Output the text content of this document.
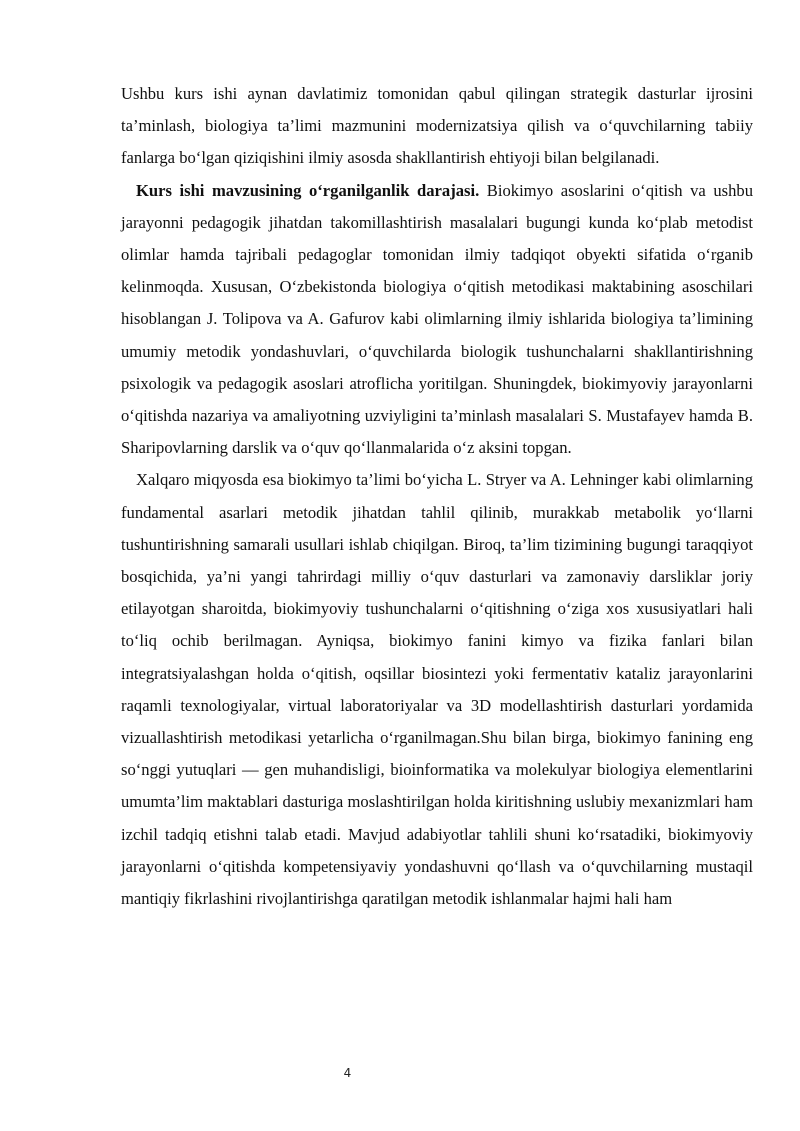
Ushbu kurs ishi aynan davlatimiz tomonidan qabul qilingan strategik dasturlar ijrosini ta’minlash, biologiya ta’limi mazmunini modernizatsiya qilish va o‘quvchilarning tabiiy fanlarga bo‘lgan qiziqishini ilmiy asosda shakllantirish ehtiyoji bilan belgilanadi.

Kurs ishi mavzusining o‘rganilganlik darajasi. Biokimyo asoslarini o‘qitish va ushbu jarayonni pedagogik jihatdan takomillashtirish masalalari bugungi kunda ko‘plab metodist olimlar hamda tajribali pedagoglar tomonidan ilmiy tadqiqot obyekti sifatida o‘rganib kelinmoqda. Xususan, O‘zbekistonda biologiya o‘qitish metodikasi maktabining asoschilari hisoblangan J. Tolipova va A. Gafurov kabi olimlarning ilmiy ishlarida biologiya ta’limining umumiy metodik yondashuvlari, o‘quvchilarda biologik tushunchalarni shakllantirishning psixologik va pedagogik asoslari atroflicha yoritilgan. Shuningdek, biokimyoviy jarayonlarni o‘qitishda nazariya va amaliyotning uzviyligini ta’minlash masalalari S. Mustafayev hamda B. Sharipovlarning darslik va o‘quv qo‘llanmalarida o‘z aksini topgan.

Xalqaro miqyosda esa biokimyo ta’limi bo‘yicha L. Stryer va A. Lehninger kabi olimlarning fundamental asarlari metodik jihatdan tahlil qilinib, murakkab metabolik yo‘llarni tushuntirishning samarali usullari ishlab chiqilgan. Biroq, ta’lim tizimining bugungi taraqqiyot bosqichida, ya’ni yangi tahrirdagi milliy o‘quv dasturlari va zamonaviy darsliklar joriy etilayotgan sharoitda, biokimyoviy tushunchalarni o‘qitishning o‘ziga xos xususiyatlari hali to‘liq ochib berilmagan. Ayniqsa, biokimyo fanini kimyo va fizika fanlari bilan integratsiyalashgan holda o‘qitish, oqsillar biosintezi yoki fermentativ kataliz jarayonlarini raqamli texnologiyalar, virtual laboratoriyalar va 3D modellashtirish dasturlari yordamida vizuallashtirish metodikasi yetarlicha o‘rganilmagan.Shu bilan birga, biokimyo fanining eng so‘nggi yutuqlari — gen muhandisligi, bioinformatika va molekulyar biologiya elementlarini umumta’lim maktablari dasturiga moslashtirilgan holda kiritishning uslubiy mexanizmlari ham izchil tadqiq etishni talab etadi. Mavjud adabiyotlar tahlili shuni ko‘rsatadiki, biokimyoviy jarayonlarni o‘qitishda kompetensiyaviy yondashuvni qo‘llash va o‘quvchilarning mustaqil mantiqiy fikrlashini rivojlantirishga qaratilgan metodik ishlanmalar hajmi hali ham

4
